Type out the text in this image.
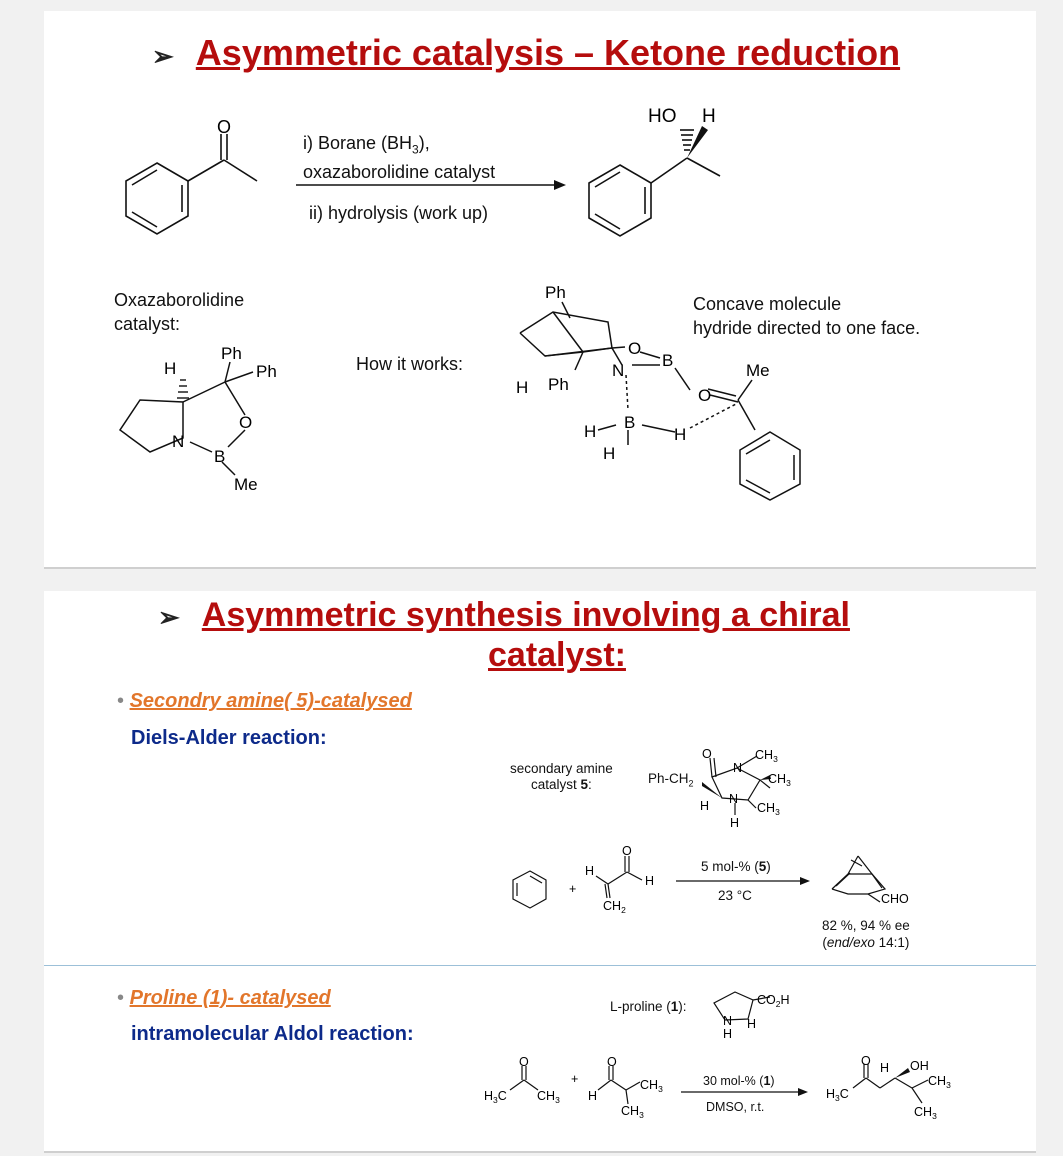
➢ Asymmetric catalysis – Ketone reduction
i) Borane $(BH_3)$,
oxazaborolidine catalyst
ii) hydrolysis (work up)
O	HO H
Ph
Ph
H
N
B
O
Me
Ph
O
B
N
H Ph
Me
O
H B
H
H
Oxazaborolidine
catalyst:
How it works:
Concave molecule
hydride directed to one face.
➢ Asymmetric synthesis involving a chiral
catalyst:
• Secondry amine( 5)-catalysed
Diels-Alder reaction:
• Proline (1)- catalysed
intramolecular Aldol reaction:
secondary amine
catalyst 5:	$Ph-CH_2$
5 mol-% (5)
23 °C
82 %, 94 % ee
(end/exo 14:1)
L-proline (1):
30 mol-% (1)
DMSO, r.t.
O
N
$CH_3$
$CH_3$
$CH_3$
N
H
H
+
H
H
O
$CH_2$
CHO
$CO_2H$
N H
H
O
$H_3C$ $CH_3$
+
O
H
$CH_3$
$CH_3$
O H OH
$H_3C$
$CH_3$
$CH_3$
